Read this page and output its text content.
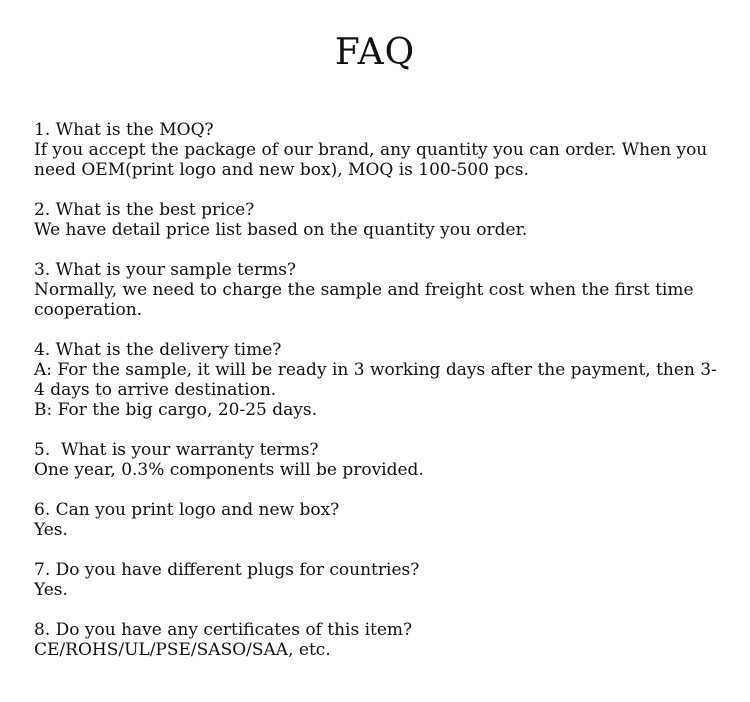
FAQ
1. What is the MOQ?
If you accept the package of our brand, any quantity you can order. When you need OEM(print logo and new box), MOQ is 100-500 pcs.
2. What is the best price?
We have detail price list based on the quantity you order.
3. What is your sample terms?
Normally, we need to charge the sample and freight cost when the first time cooperation.
4. What is the delivery time?
A: For the sample, it will be ready in 3 working days after the payment, then 3-4 days to arrive destination.
B: For the big cargo, 20-25 days.
5.  What is your warranty terms?
One year, 0.3% components will be provided.
6. Can you print logo and new box?
Yes.
7. Do you have different plugs for countries?
Yes.
8. Do you have any certificates of this item?
CE/ROHS/UL/PSE/SASO/SAA, etc.
